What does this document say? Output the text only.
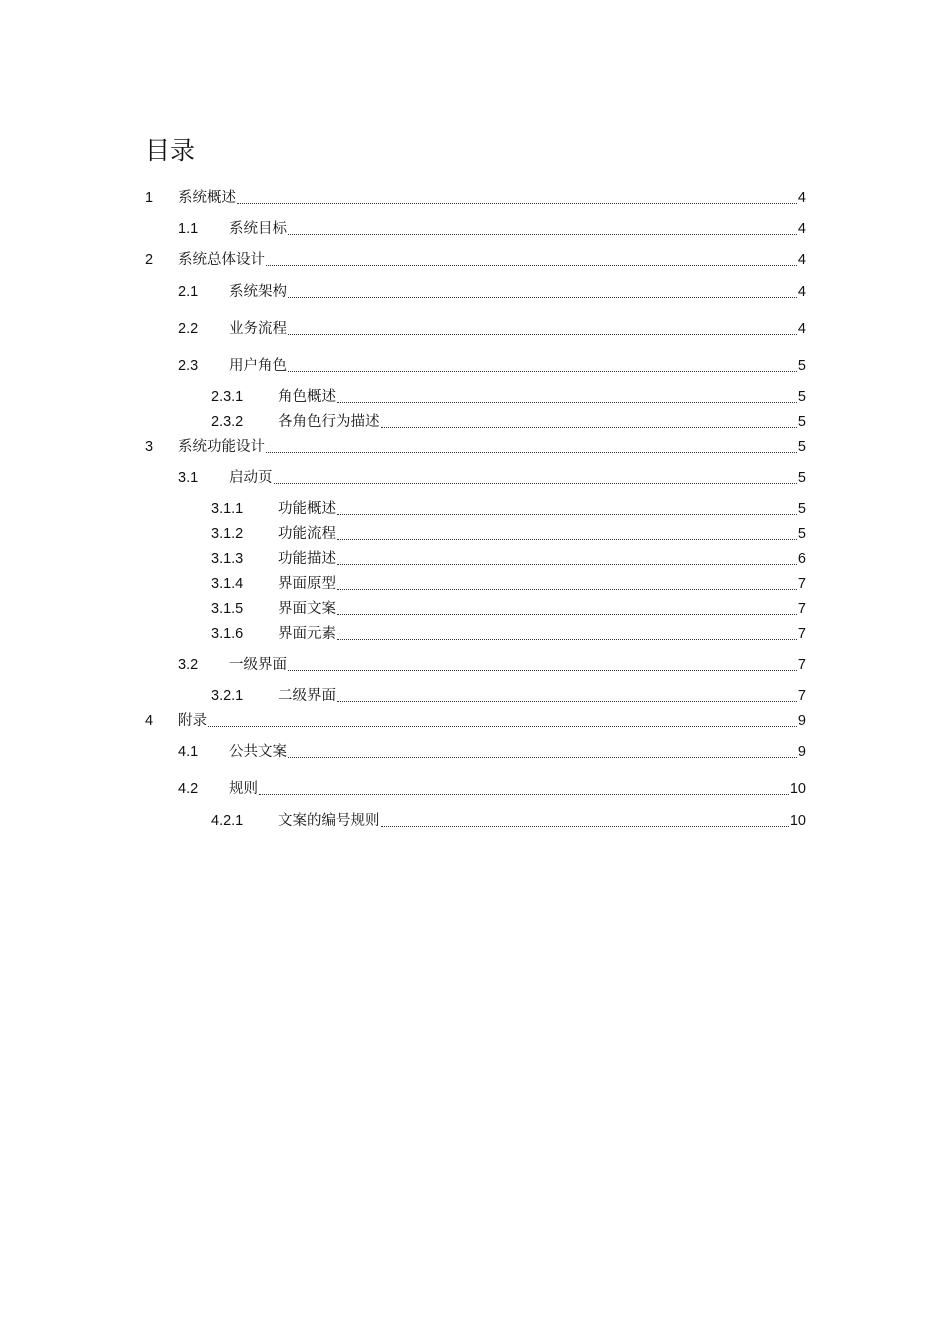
目录
1	系统概述	4
1.1	系统目标	4
2	系统总体设计	4
2.1	系统架构	4
2.2	业务流程	4
2.3	用户角色	5
2.3.1	角色概述	5
2.3.2	各角色行为描述	5
3	系统功能设计	5
3.1	启动页	5
3.1.1	功能概述	5
3.1.2	功能流程	5
3.1.3	功能描述	6
3.1.4	界面原型	7
3.1.5	界面文案	7
3.1.6	界面元素	7
3.2	一级界面	7
3.2.1	二级界面	7
4	附录	9
4.1	公共文案	9
4.2	规则	10
4.2.1	文案的编号规则	10
